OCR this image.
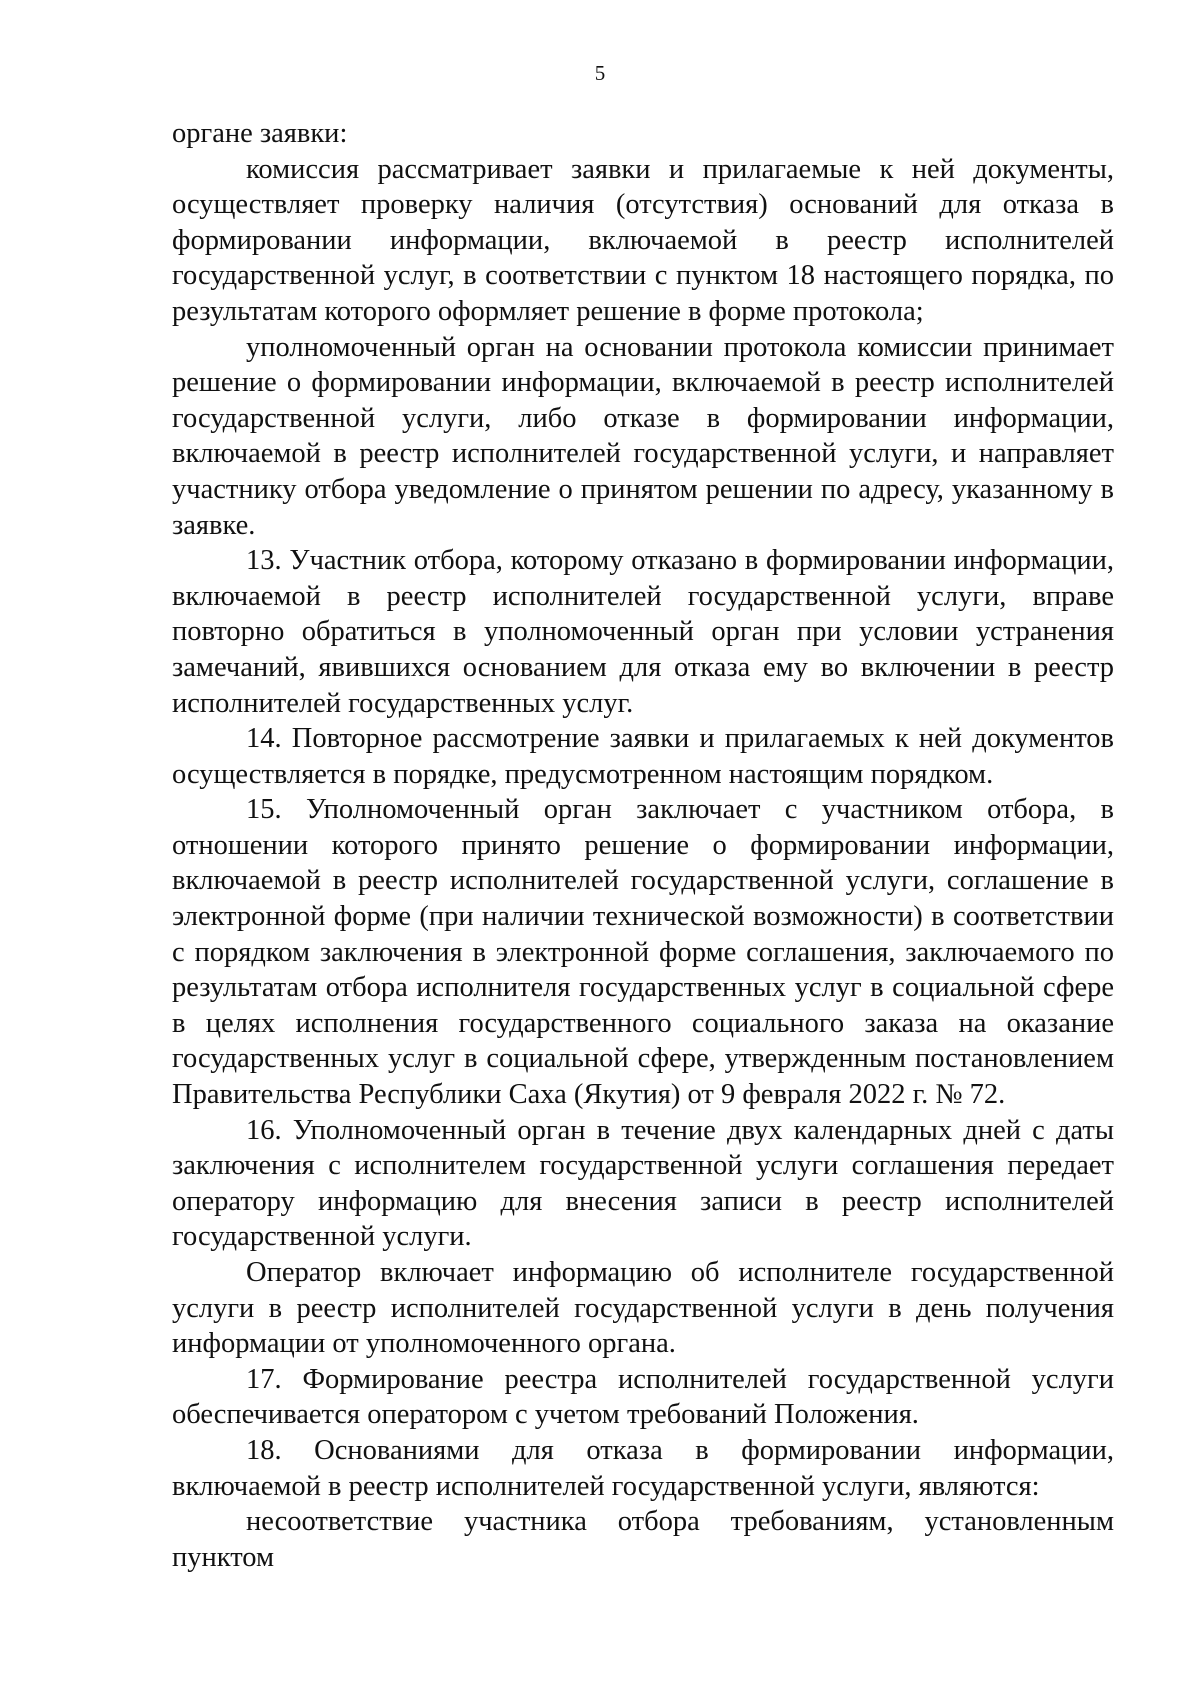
5

органе заявки:

комиссия рассматривает заявки и прилагаемые к ней документы, осуществляет проверку наличия (отсутствия) оснований для отказа в формировании информации, включаемой в реестр исполнителей государственной услуг, в соответствии с пунктом 18 настоящего порядка, по результатам которого оформляет решение в форме протокола;

уполномоченный орган на основании протокола комиссии принимает решение о формировании информации, включаемой в реестр исполнителей государственной услуги, либо отказе в формировании информации, включаемой в реестр исполнителей государственной услуги, и направляет участнику отбора уведомление о принятом решении по адресу, указанному в заявке.

13. Участник отбора, которому отказано в формировании информации, включаемой в реестр исполнителей государственной услуги, вправе повторно обратиться в уполномоченный орган при условии устранения замечаний, явившихся основанием для отказа ему во включении в реестр исполнителей государственных услуг.

14. Повторное рассмотрение заявки и прилагаемых к ней документов осуществляется в порядке, предусмотренном настоящим порядком.

15. Уполномоченный орган заключает с участником отбора, в отношении которого принято решение о формировании информации, включаемой в реестр исполнителей государственной услуги, соглашение в электронной форме (при наличии технической возможности) в соответствии с порядком заключения в электронной форме соглашения, заключаемого по результатам отбора исполнителя государственных услуг в социальной сфере в целях исполнения государственного социального заказа на оказание государственных услуг в социальной сфере, утвержденным постановлением Правительства Республики Саха (Якутия) от 9 февраля 2022 г. № 72.

16. Уполномоченный орган в течение двух календарных дней с даты заключения с исполнителем государственной услуги соглашения передает оператору информацию для внесения записи в реестр исполнителей государственной услуги.

Оператор включает информацию об исполнителе государственной услуги в реестр исполнителей государственной услуги в день получения информации от уполномоченного органа.

17. Формирование реестра исполнителей государственной услуги обеспечивается оператором с учетом требований Положения.

18. Основаниями для отказа в формировании информации, включаемой в реестр исполнителей государственной услуги, являются:

несоответствие участника отбора требованиям, установленным пунктом
